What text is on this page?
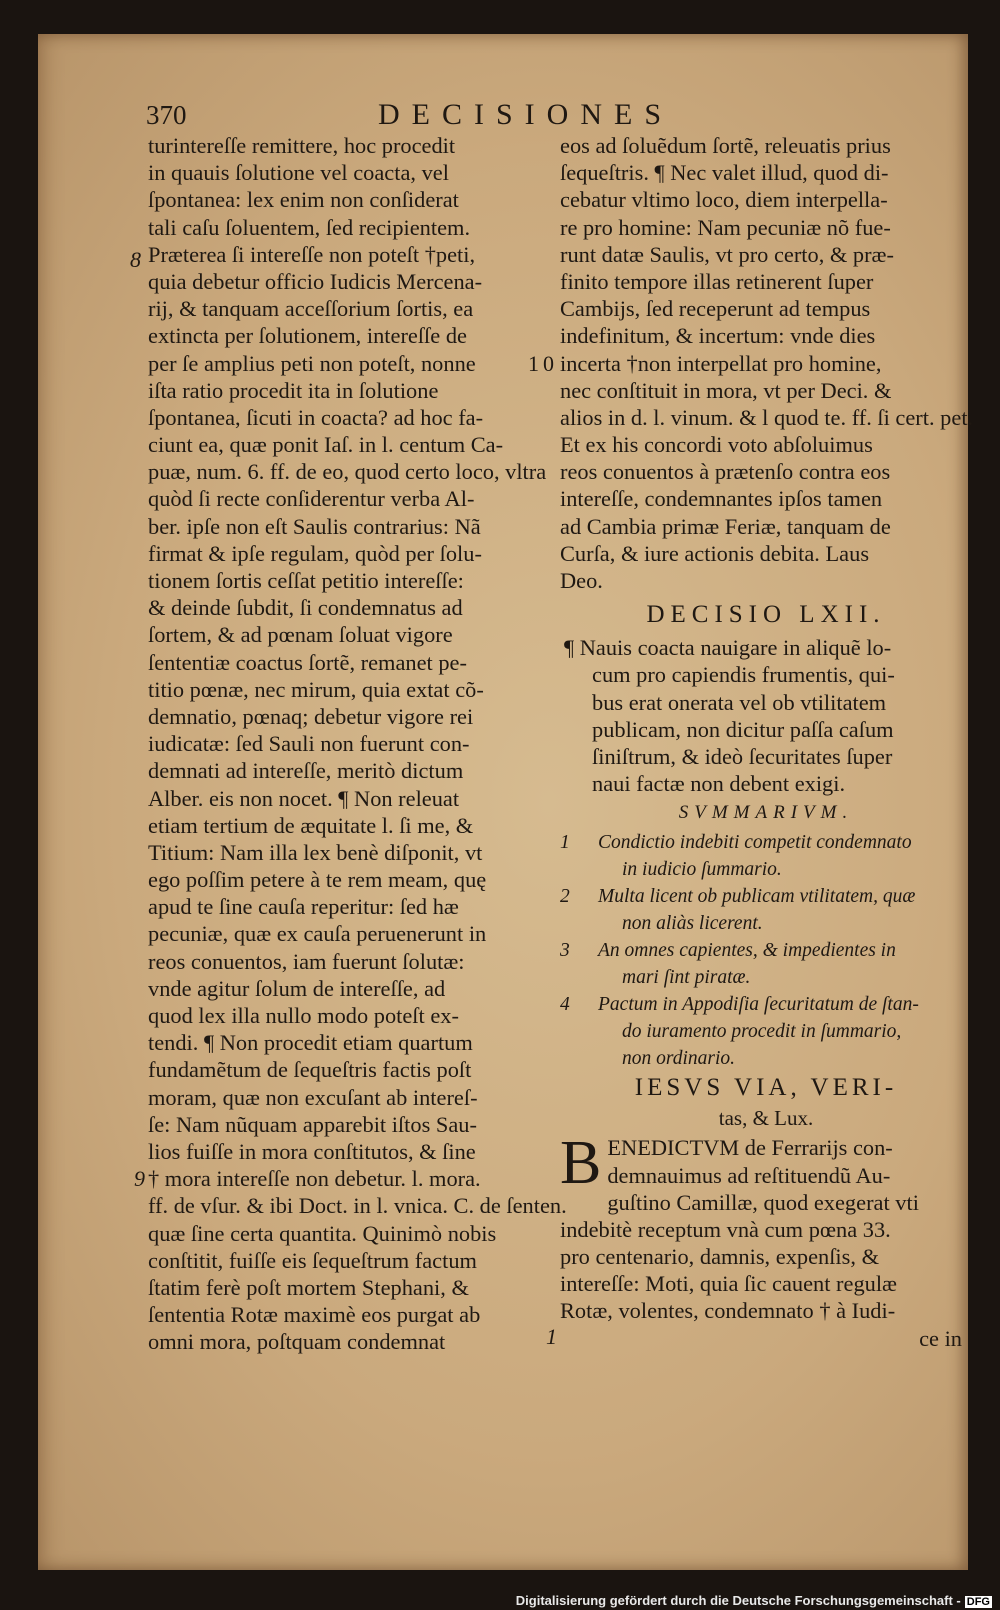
370	DECISIONES
8
9
10
1
turintereſſe remittere, hoc procedit
in quauis ſolutione vel coacta, vel
ſpontanea: lex enim non conſiderat
tali caſu ſoluentem, ſed recipientem.
Præterea ſi intereſſe non poteſt †peti,
quia debetur officio Iudicis Mercena-
rij, & tanquam acceſſorium ſortis, ea
extincta per ſolutionem, intereſſe de
per ſe amplius peti non poteſt, nonne
iſta ratio procedit ita in ſolutione
ſpontanea, ſicuti in coacta? ad hoc fa-
ciunt ea, quæ ponit Iaſ. in l. centum Ca-
puæ, num. 6. ff. de eo, quod certo loco, vltra
quòd ſi recte conſiderentur verba Al-
ber. ipſe non eſt Saulis contrarius: Nã
firmat & ipſe regulam, quòd per ſolu-
tionem ſortis ceſſat petitio intereſſe:
& deinde ſubdit, ſi condemnatus ad
ſortem, & ad pœnam ſoluat vigore
ſententiæ coactus ſortẽ, remanet pe-
titio pœnæ, nec mirum, quia extat cõ-
demnatio, pœnaq; debetur vigore rei
iudicatæ: ſed Sauli non fuerunt con-
demnati ad intereſſe, meritò dictum
Alber. eis non nocet. ¶ Non releuat
etiam tertium de æquitate l. ſi me, &
Titium: Nam illa lex benè diſponit, vt
ego poſſim petere à te rem meam, quę
apud te ſine cauſa reperitur: ſed hæ
pecuniæ, quæ ex cauſa peruenerunt in
reos conuentos, iam fuerunt ſolutæ:
vnde agitur ſolum de intereſſe, ad
quod lex illa nullo modo poteſt ex-
tendi. ¶ Non procedit etiam quartum
fundamẽtum de ſequeſtris factis poſt
moram, quæ non excuſant ab intereſ-
ſe: Nam nũquam apparebit iſtos Sau-
lios fuiſſe in mora conſtitutos, & ſine
† mora intereſſe non debetur. l. mora.
ff. de vſur. & ibi Doct. in l. vnica. C. de ſenten.
quæ ſine certa quantita. Quinimò nobis
conſtitit, fuiſſe eis ſequeſtrum factum
ſtatim ferè poſt mortem Stephani, &
ſententia Rotæ maximè eos purgat ab
omni mora, poſtquam condemnat
eos ad ſoluẽdum ſortẽ, releuatis prius
ſequeſtris. ¶ Nec valet illud, quod di-
cebatur vltimo loco, diem interpella-
re pro homine: Nam pecuniæ nõ fue-
runt datæ Saulis, vt pro certo, & præ-
finito tempore illas retinerent ſuper
Cambijs, ſed receperunt ad tempus
indefinitum, & incertum: vnde dies
incerta †non interpellat pro homine,
nec conſtituit in mora, vt per Deci. &
alios in d. l. vinum. & l quod te. ff. ſi cert. pet.
Et ex his concordi voto abſoluimus
reos conuentos à prætenſo contra eos
intereſſe, condemnantes ipſos tamen
ad Cambia primæ Feriæ, tanquam de
Curſa, & iure actionis debita. Laus
Deo.
DECISIO LXII.
¶ Nauis coacta nauigare in aliquẽ lo-
cum pro capiendis frumentis, qui-
bus erat onerata vel ob vtilitatem
publicam, non dicitur paſſa caſum
ſiniſtrum, & ideò ſecuritates ſuper
naui factæ non debent exigi.
SVMMARIVM.
1 Condictio indebiti competit condemnato
in iudicio ſummario.
2 Multa licent ob publicam vtilitatem, quæ
non aliàs licerent.
3 An omnes capientes, & impedientes in
mari ſint piratæ.
4 Pactum in Appodiſia ſecuritatum de ſtan-
do iuramento procedit in ſummario,
non ordinario.
IESVS VIA, VERI-
tas, & Lux.
B ENEDICTVM de Ferrarijs con-
demnauimus ad reſtituendũ Au-
guſtino Camillæ, quod exegerat vti
indebitè receptum vnà cum pœna 33.
pro centenario, damnis, expenſis, &
intereſſe: Moti, quia ſic cauent regulæ
Rotæ, volentes, condemnato † à Iudi-
ce in
Digitalisierung gefördert durch die Deutsche Forschungsgemeinschaft - DFG
